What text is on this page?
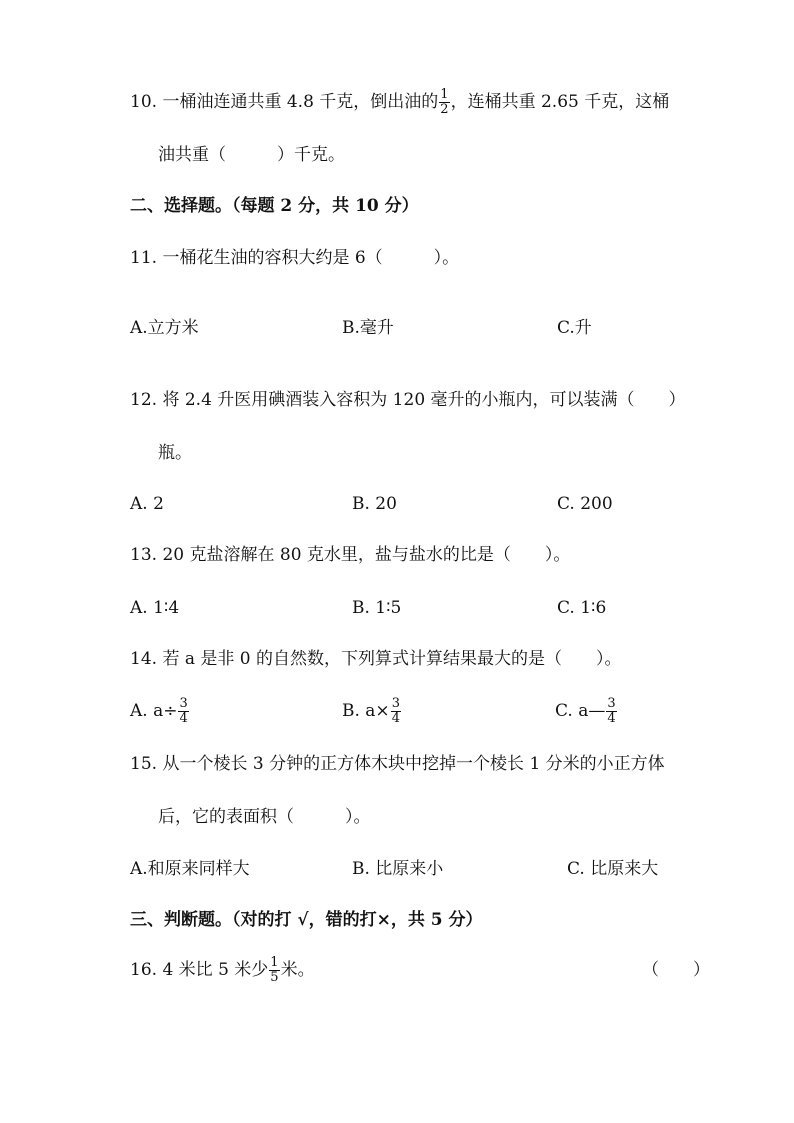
10. 一桶油连通共重 4.8 千克，倒出油的 $\frac{1}{2}$ ，连桶共重 2.65 千克，这桶
油共重（　　　）千克。
二、选择题。（每题 2 分，共 10 分）
11. 一桶花生油的容积大约是 6（　　　）。
A.立方米	B.毫升	C.升
12. 将 2.4 升医用碘酒装入容积为 120 毫升的小瓶内，可以装满（　　）
瓶。
A. 2	B. 20	C. 200
13. 20 克盐溶解在 80 克水里，盐与盐水的比是（　　）。
A. 1∶4	B. 1∶5	C. 1∶6
14. 若 a 是非 0 的自然数，下列算式计算结果最大的是（　　）。
A. $a\div \frac{3}{4}$	B. $a\times \frac{3}{4}$	C. a— $\frac{3}{4}$
15. 从一个棱长 3 分钟的正方体木块中挖掉一个棱长 1 分米的小正方体
后，它的表面积（　　　）。
A.和原来同样大	B. 比原来小	C. 比原来大
三、判断题。（对的打 √，错的打×，共 5 分）
16. 4 米比 5 米少 $\frac{1}{5}$ 米。	（　　）
